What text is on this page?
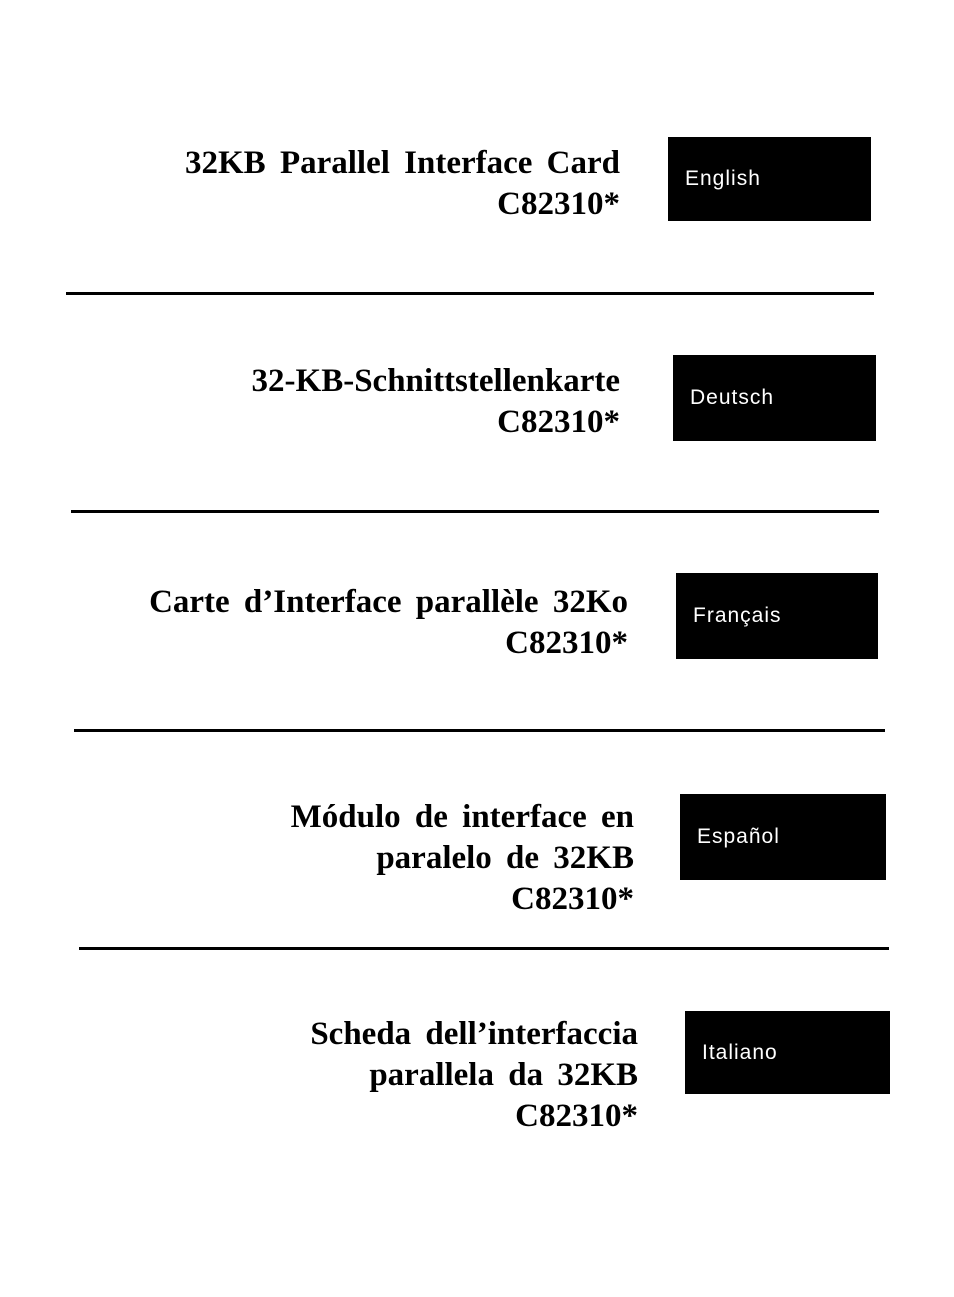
32KB Parallel Interface Card
C82310*
English
32-KB-Schnittstellenkarte
C82310*
Deutsch
Carte d’Interface parallèle 32Ko
C82310*
Français
Módulo de interface en
paralelo de 32KB
C82310*
Español
Scheda dell’interfaccia
parallela da 32KB
C82310*
Italiano
